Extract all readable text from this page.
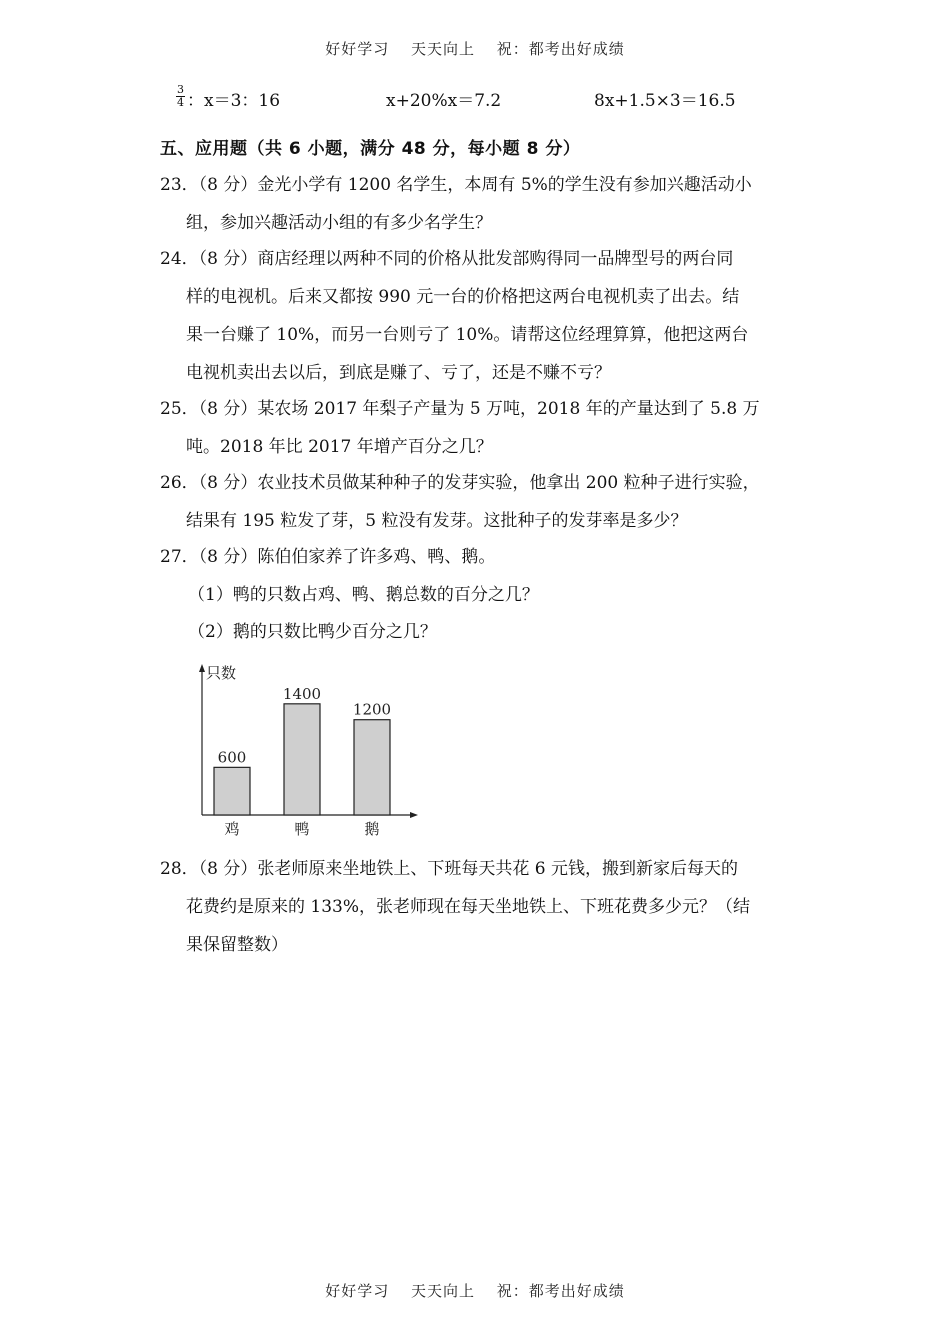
好好学习 天天向上 祝：都考出好成绩
$\frac{3}{4}$ ：x＝3：16	x+20%x＝7.2	8x+1.5×3＝16.5
五、应用题（共 6 小题，满分 48 分，每小题 8 分）
23．（8 分）金光小学有 1200 名学生，本周有 5%的学生没有参加兴趣活动小
组，参加兴趣活动小组的有多少名学生？
24．（8 分）商店经理以两种不同的价格从批发部购得同一品牌型号的两台同
样的电视机。后来又都按 990 元一台的价格把这两台电视机卖了出去。结
果一台赚了 10%，而另一台则亏了 10%。请帮这位经理算算，他把这两台
电视机卖出去以后，到底是赚了、亏了，还是不赚不亏？
25．（8 分）某农场 2017 年梨子产量为 5 万吨，2018 年的产量达到了 5.8 万
吨。2018 年比 2017 年增产百分之几？
26．（8 分）农业技术员做某种种子的发芽实验，他拿出 200 粒种子进行实验，
结果有 195 粒发了芽，5 粒没有发芽。这批种子的发芽率是多少？
27．（8 分）陈伯伯家养了许多鸡、鸭、鹅。
（1）鸭的只数占鸡、鸭、鹅总数的百分之几？
（2）鹅的只数比鸭少百分之几？
只数
600
鸡
1400
鸭
1200
鹅
28．（8 分）张老师原来坐地铁上、下班每天共花 6 元钱，搬到新家后每天的
花费约是原来的 133%，张老师现在每天坐地铁上、下班花费多少元？（结
果保留整数）
好好学习 天天向上 祝：都考出好成绩
